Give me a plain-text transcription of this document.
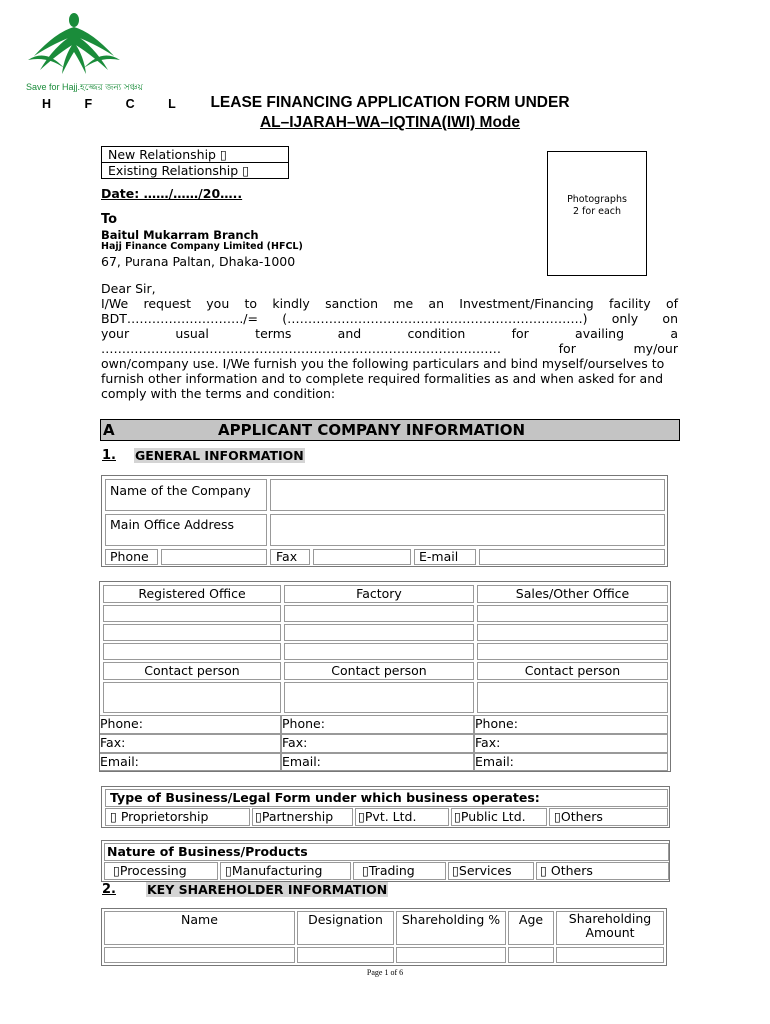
Save for Hajj.হজ্জের জন্য সঞ্চয়
H F C L	LEASE FINANCING APPLICATION FORM UNDER
AL–IJARAH–WA–IQTINA(IWI) Mode
New Relationship ▯
Existing Relationship ▯
Photographs
2 for each
Date: ……/……/20…..
To
Baitul Mukarram Branch
Hajj Finance Company Limited (HFCL)
67, Purana Paltan, Dhaka-1000
Dear Sir,
I/We request you to kindly sanction me an Investment/Financing facility of
BDT………………………./= (……………………………………………………………..) only on
your usual terms and condition for availing a
…………………………………………………………………………………… for my/our
own/company use. I/We furnish you the following particulars and bind myself/ourselves to
furnish other information and to complete required formalities as and when asked for and
comply with the terms and condition:
A	APPLICANT COMPANY INFORMATION
1. GENERAL INFORMATION
Name of the Company
Main Office Address
Phone	Fax	E-mail
Registered Office	Factory	Sales/Other Office
Contact person	Contact person	Contact person
Phone:	Phone:	Phone:
Fax:	Fax:	Fax:
Email:	Email:	Email:
Type of Business/Legal Form under which business operates:
▯ Proprietorship	▯Partnership ▯Pvt. Ltd.	▯Public Ltd. ▯Others
Nature of Business/Products
▯Processing	▯Manufacturing	▯Trading	▯Services ▯ Others
2. KEY SHAREHOLDER INFORMATION
Name	Designation	Shareholding %	Age	Shareholding Amount
Page 1 of 6
